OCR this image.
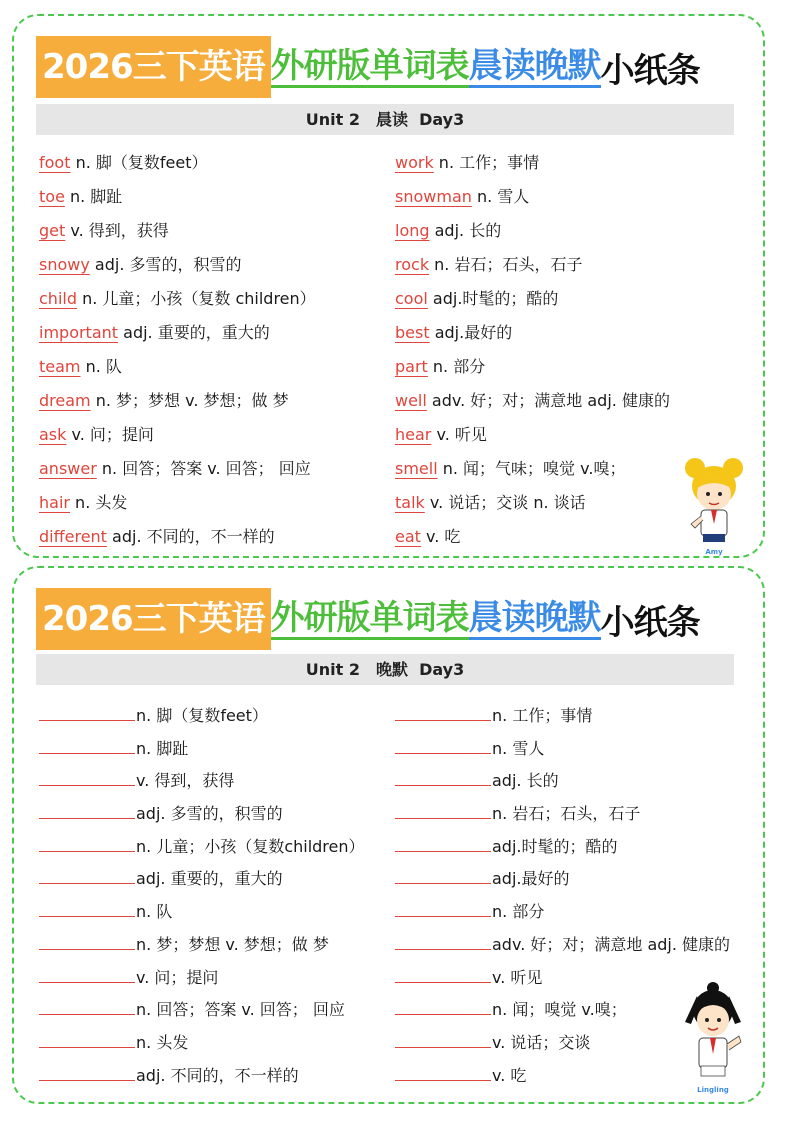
2026三下英语 外研版单词表 晨读晚默 小纸条
Unit 2　晨读  Day3
foot n. 脚（复数feet）
toe n. 脚趾
get v. 得到，获得
snowy adj. 多雪的，积雪的
child n. 儿童；小孩（复数 children）
important adj. 重要的，重大的
team n. 队
dream n. 梦；梦想 v. 梦想；做 梦
ask v. 问；提问
answer n. 回答；答案 v. 回答； 回应
hair n. 头发
different adj. 不同的，不一样的
work n. 工作；事情
snowman n. 雪人
long adj. 长的
rock n. 岩石；石头，石子
cool adj.时髦的；酷的
best adj.最好的
part n. 部分
well adv. 好；对；满意地 adj. 健康的
hear v. 听见
smell n. 闻；气味；嗅觉 v.嗅；
talk v. 说话；交谈 n. 谈话
eat v. 吃
Amy
2026三下英语 外研版单词表 晨读晚默 小纸条
Unit 2　晚默  Day3
n. 脚（复数feet）
n. 脚趾
v. 得到，获得
adj. 多雪的，积雪的
n. 儿童；小孩（复数children）
adj. 重要的，重大的
n. 队
n. 梦；梦想 v. 梦想；做 梦
v. 问；提问
n. 回答；答案 v. 回答； 回应
n. 头发
adj. 不同的，不一样的
n. 工作；事情
n. 雪人
adj. 长的
n. 岩石；石头，石子
adj.时髦的；酷的
adj.最好的
n. 部分
adv. 好；对；满意地 adj. 健康的
v. 听见
n. 闻；嗅觉 v.嗅；
v. 说话；交谈
v. 吃
Lingling
